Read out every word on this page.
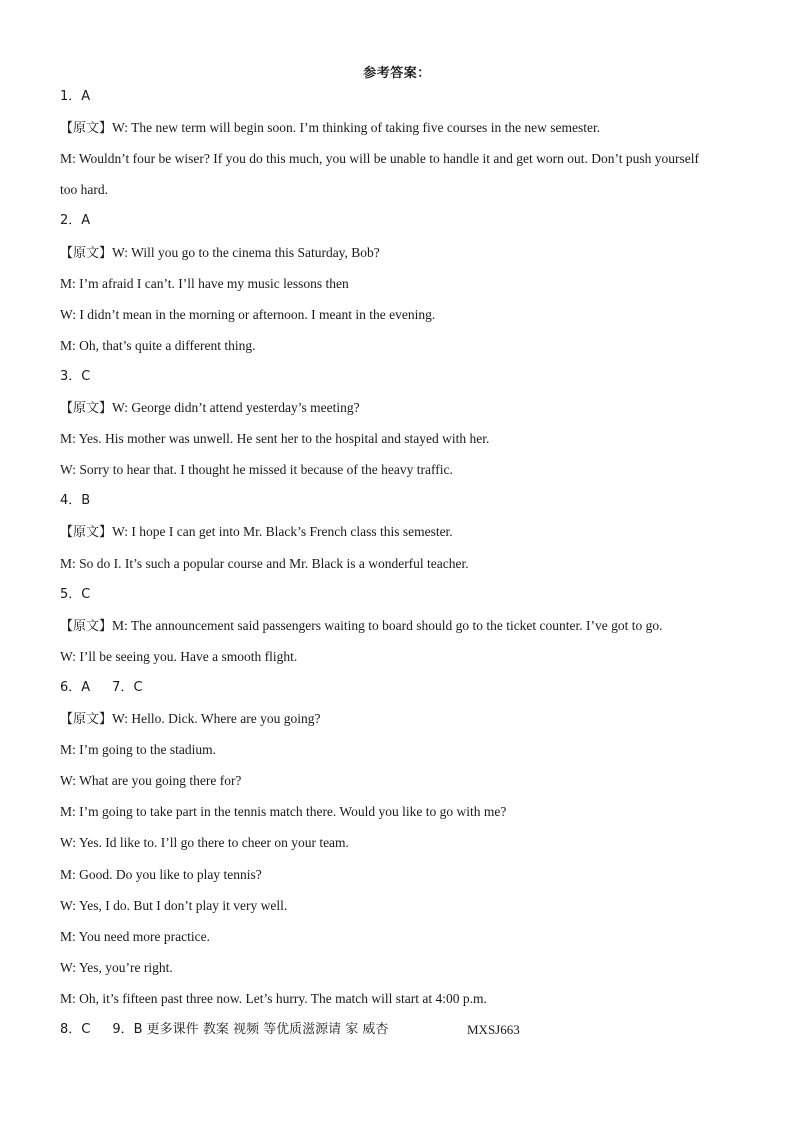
参考答案：
1．A
【原文】W: The new term will begin soon. I’m thinking of taking five courses in the new semester.
M: Wouldn’t four be wiser? If you do this much, you will be unable to handle it and get worn out. Don’t push yourself
too hard.
2．A
【原文】W: Will you go to the cinema this Saturday, Bob?
M: I’m afraid I can’t. I’ll have my music lessons then
W: I didn’t mean in the morning or afternoon. I meant in the evening.
M: Oh, that’s quite a different thing.
3．C
【原文】W: George didn’t attend yesterday’s meeting?
M: Yes. His mother was unwell. He sent her to the hospital and stayed with her.
W: Sorry to hear that. I thought he missed it because of the heavy traffic.
4．B
【原文】W: I hope I can get into Mr. Black’s French class this semester.
M: So do I. It’s such a popular course and Mr. Black is a wonderful teacher.
5．C
【原文】M: The announcement said passengers waiting to board should go to the ticket counter. I’ve got to go.
W: I’ll be seeing you. Have a smooth flight.
6．A 7．C
【原文】W: Hello. Dick. Where are you going?
M: I’m going to the stadium.
W: What are you going there for?
M: I’m going to take part in the tennis match there. Would you like to go with me?
W: Yes. Id like to. I’ll go there to cheer on your team.
M: Good. Do you like to play tennis?
W: Yes, I do. But I don’t play it very well.
M: You need more practice.
W: Yes, you’re right.
M: Oh, it’s fifteen past three now. Let’s hurry. The match will start at 4:00 p.m.
8．C 9．B 更多课件 教案 视频 等优质滋源请 家 威杏	MXSJ663
